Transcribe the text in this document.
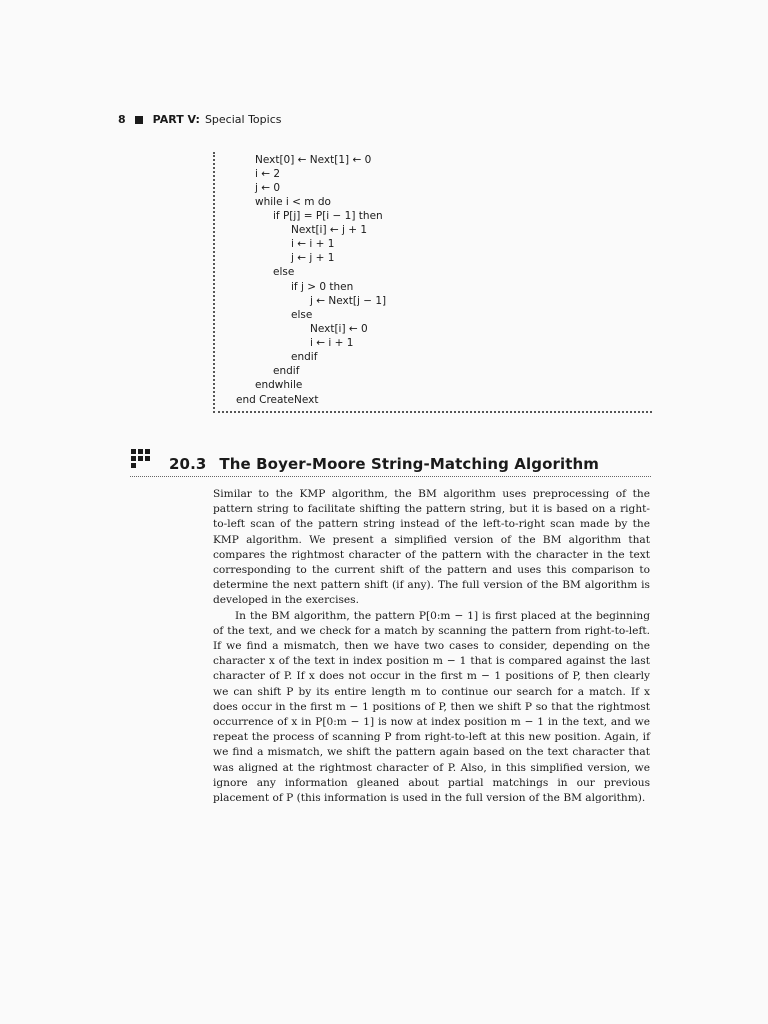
8 PART V: Special Topics
Next[0] ← Next[1] ← 0
i ← 2
j ← 0
while i < m do
if P[j] = P[i − 1] then
Next[i] ← j + 1
i ← i + 1
j ← j + 1
else
if j > 0 then
j ← Next[j − 1]
else
Next[i] ← 0
i ← i + 1
endif
endif
endwhile
end CreateNext
20.3 The Boyer-Moore String-Matching Algorithm

Similar to the KMP algorithm, the BM algorithm uses preprocessing of the pattern string to facilitate shifting the pattern string, but it is based on a right-to-left scan of the pattern string instead of the left-to-right scan made by the KMP algorithm. We present a simplified version of the BM algorithm that compares the rightmost character of the pattern with the character in the text corresponding to the current shift of the pattern and uses this comparison to determine the next pattern shift (if any). The full version of the BM algorithm is developed in the exercises.

In the BM algorithm, the pattern P[0:m − 1] is first placed at the beginning of the text, and we check for a match by scanning the pattern from right-to-left. If we find a mismatch, then we have two cases to consider, depending on the character x of the text in index position m − 1 that is compared against the last character of P. If x does not occur in the first m − 1 positions of P, then clearly we can shift P by its entire length m to continue our search for a match. If x does occur in the first m − 1 positions of P, then we shift P so that the rightmost occurrence of x in P[0:m − 1] is now at index position m − 1 in the text, and we repeat the process of scanning P from right-to-left at this new position. Again, if we find a mismatch, we shift the pattern again based on the text character that was aligned at the rightmost character of P. Also, in this simplified version, we ignore any information gleaned about partial matchings in our previous placement of P (this information is used in the full version of the BM algorithm).
